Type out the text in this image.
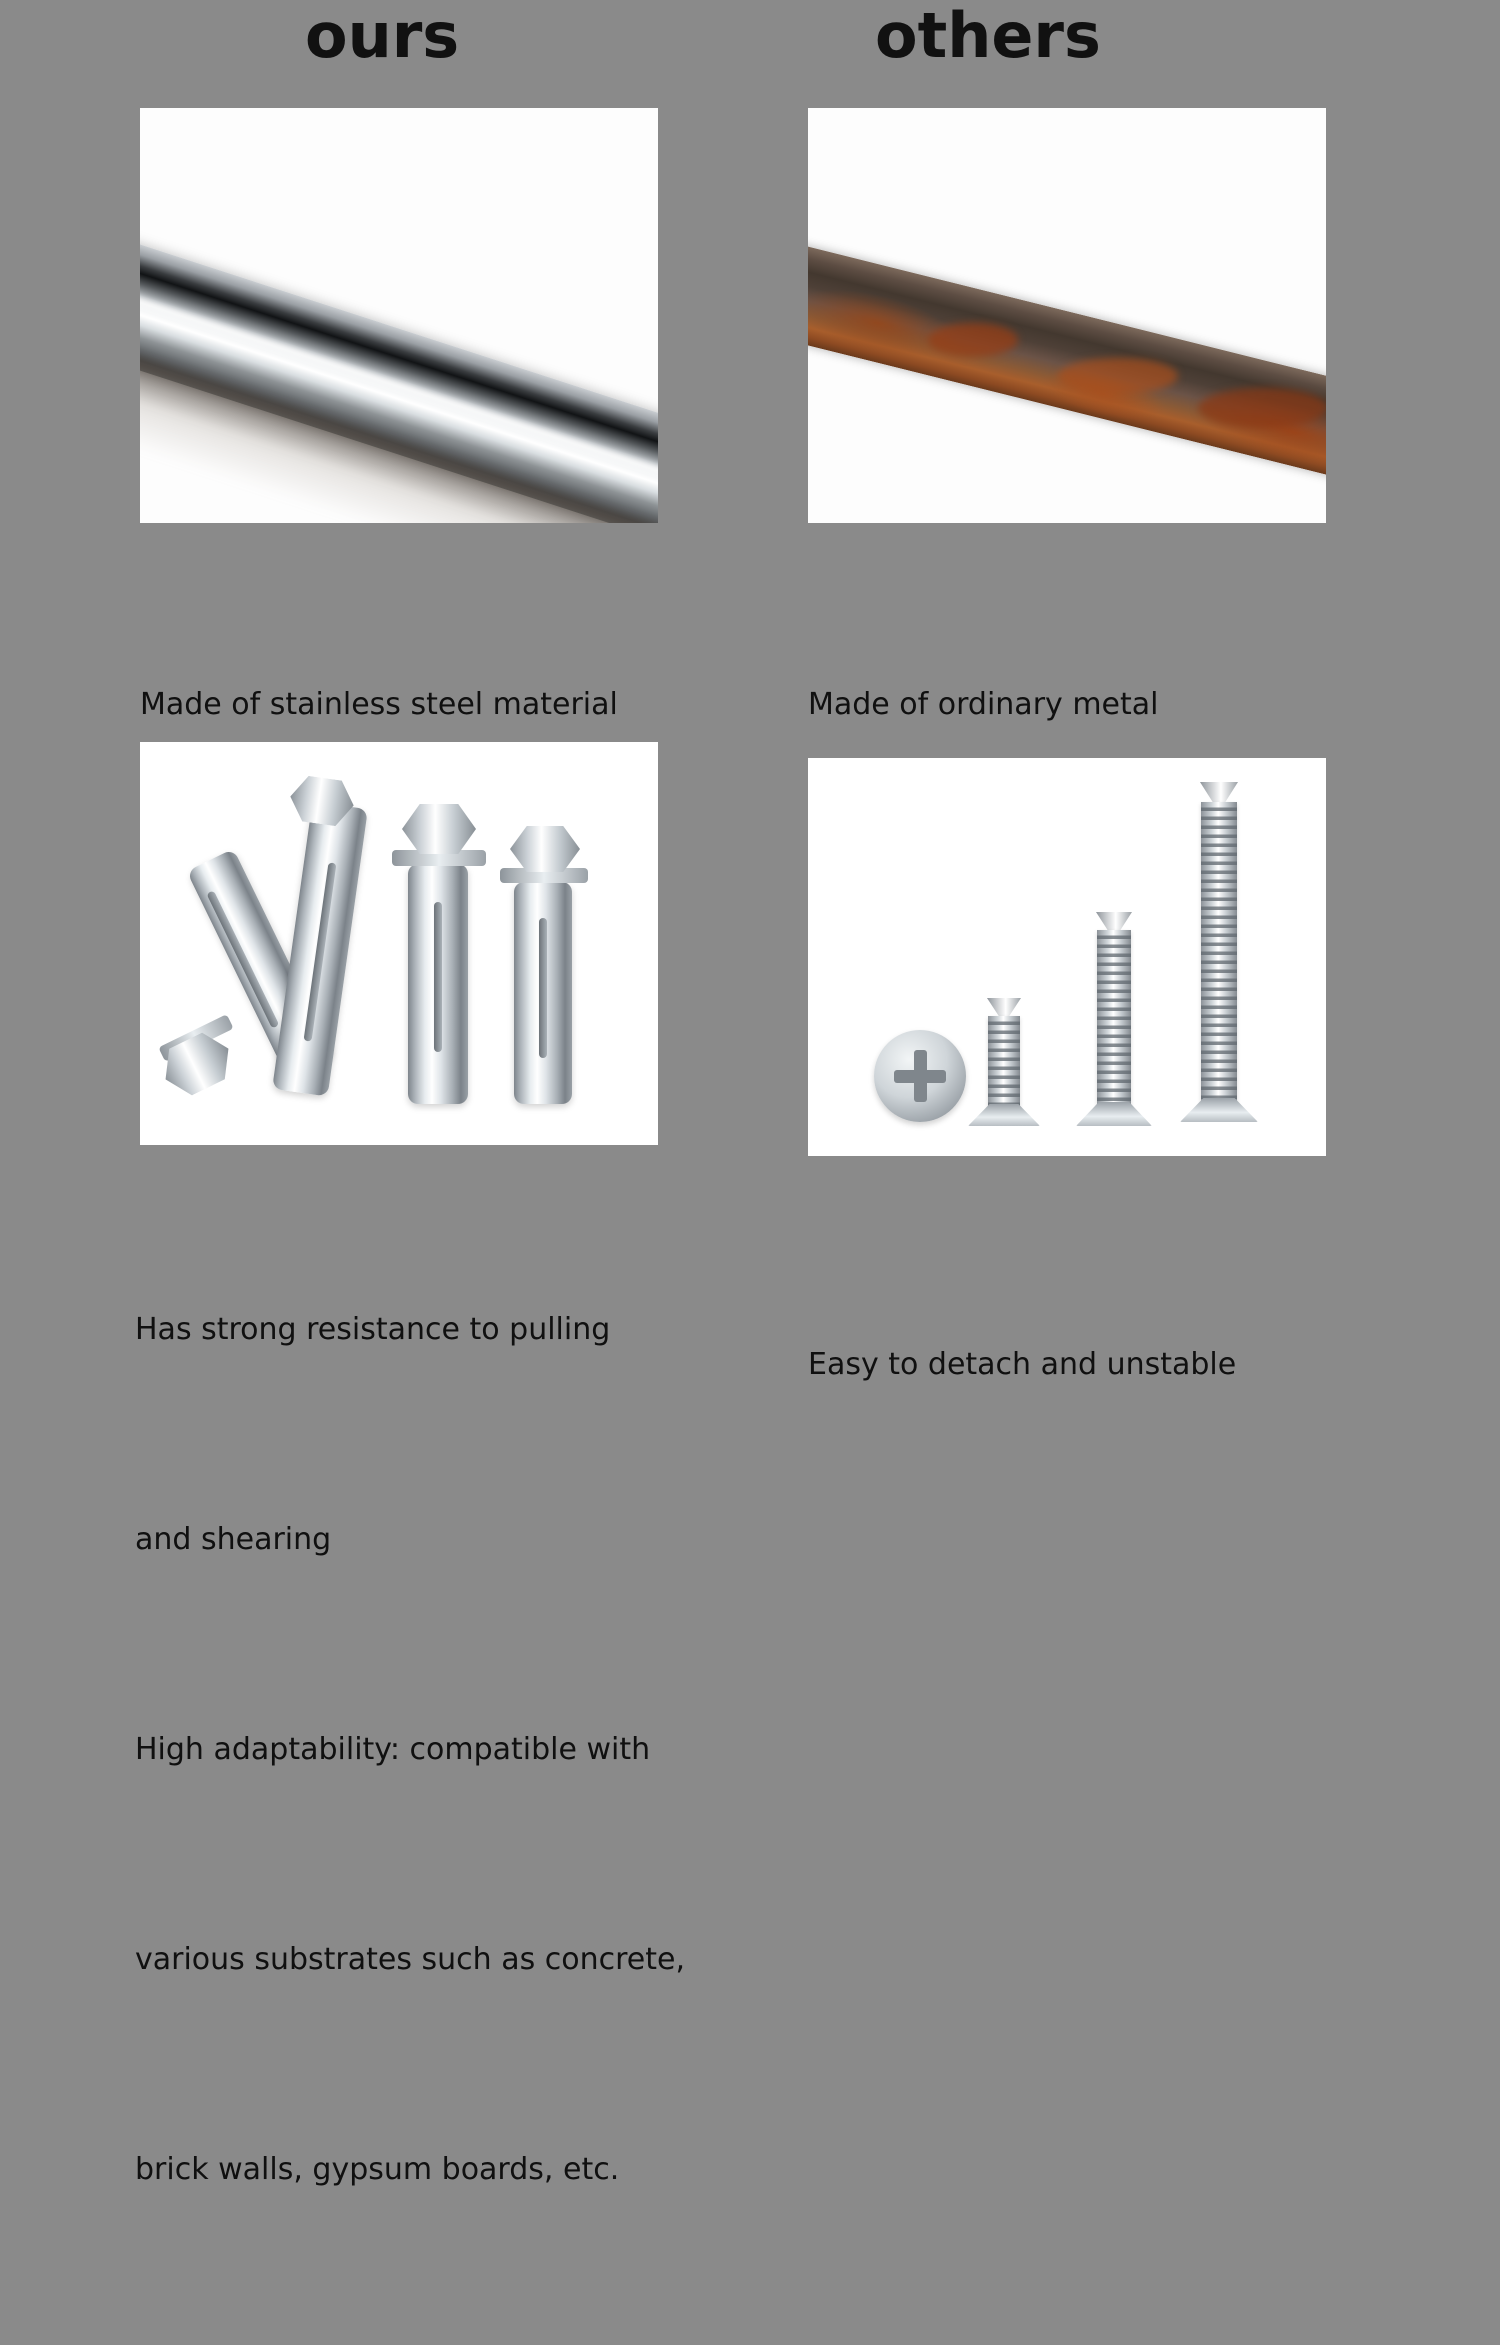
ours	others

Made of stainless steel material

	Made of ordinary metal

Has strong resistance to pulling

and shearing

High adaptability: compatible with

various substrates such as concrete,

brick walls, gypsum boards, etc.

Easy to detach and unstable
